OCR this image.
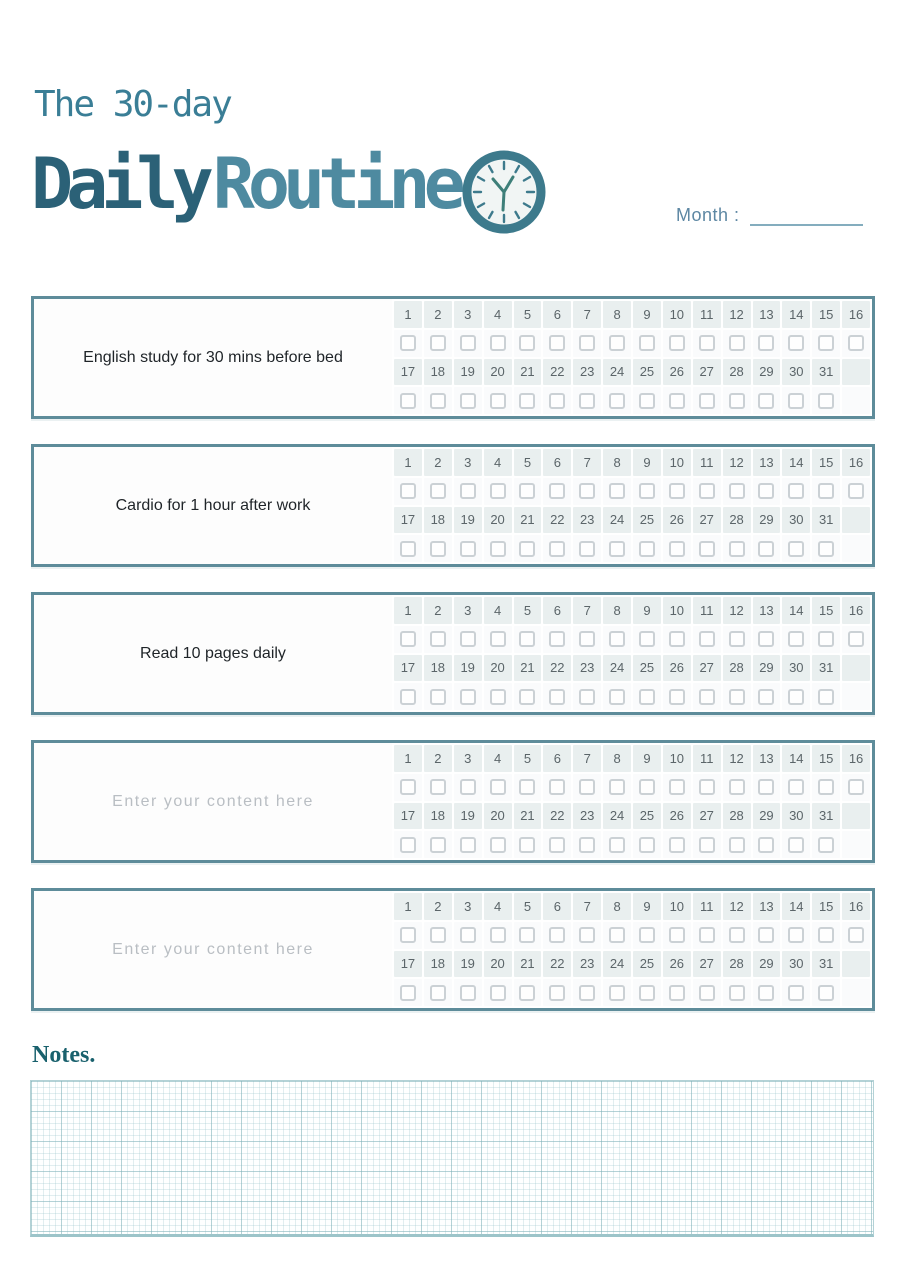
The 30-day
DailyRoutine	Month :
English study for 30 mins before bed
1	2	3	4	5	6	7	8	9	10	11	12	13	14	15	16
17	18	19	20	21	22	23	24	25	26	27	28	29	30	31
Cardio for 1 hour after work
1	2	3	4	5	6	7	8	9	10	11	12	13	14	15	16
17	18	19	20	21	22	23	24	25	26	27	28	29	30	31
Read 10 pages daily
1	2	3	4	5	6	7	8	9	10	11	12	13	14	15	16
17	18	19	20	21	22	23	24	25	26	27	28	29	30	31
Enter your content here
1	2	3	4	5	6	7	8	9	10	11	12	13	14	15	16
17	18	19	20	21	22	23	24	25	26	27	28	29	30	31
Enter your content here
1	2	3	4	5	6	7	8	9	10	11	12	13	14	15	16
17	18	19	20	21	22	23	24	25	26	27	28	29	30	31
Notes.
